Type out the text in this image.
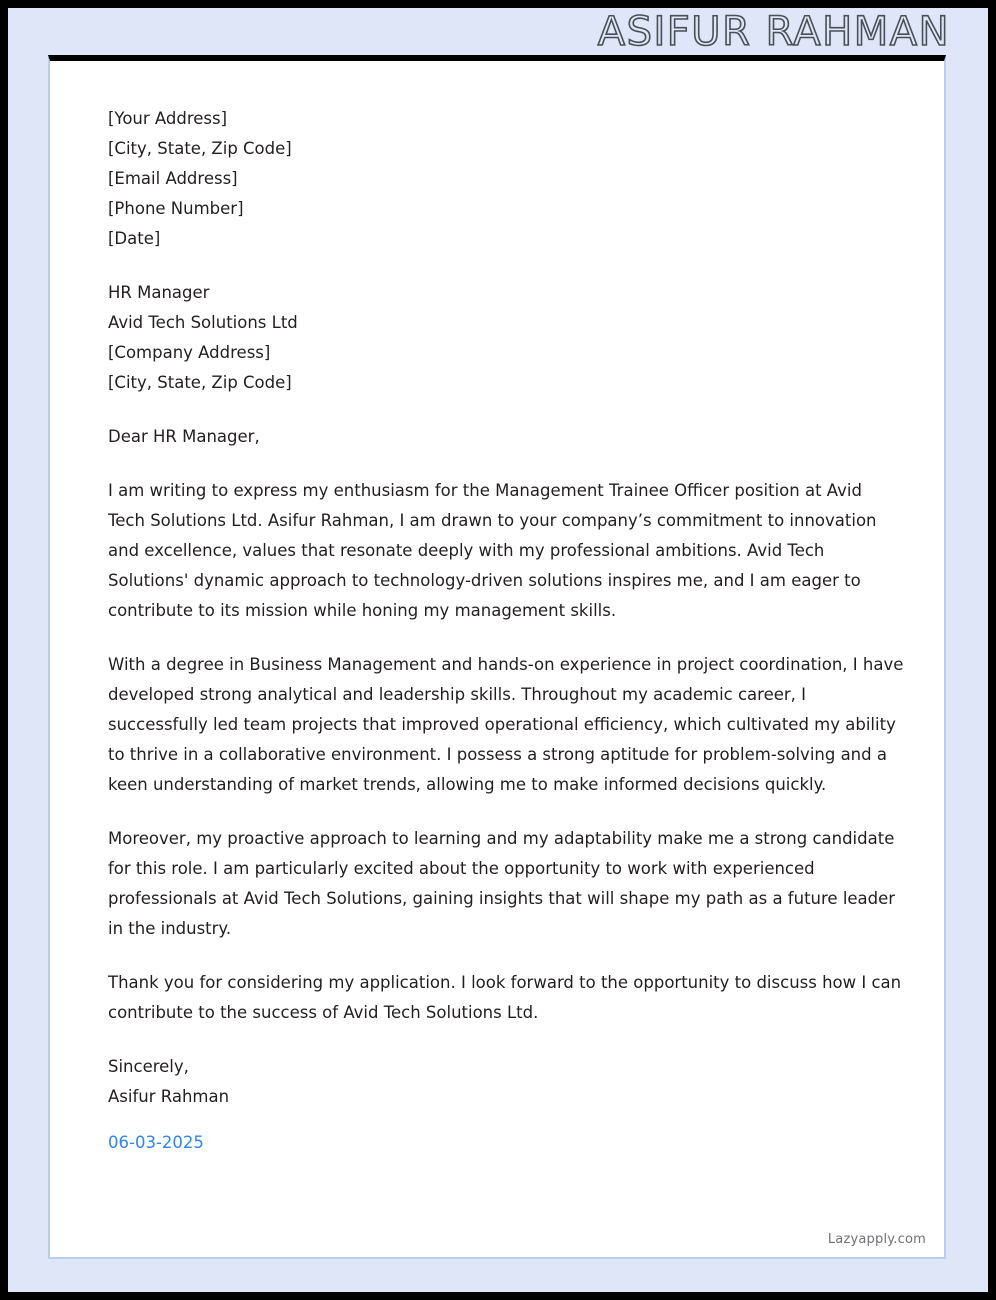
ASIFUR RAHMAN

[Your Address]

[City, State, Zip Code]

[Email Address]

[Phone Number]

[Date]

HR Manager

Avid Tech Solutions Ltd

[Company Address]

[City, State, Zip Code]

Dear HR Manager,

I am writing to express my enthusiasm for the Management Trainee Officer position at Avid Tech Solutions Ltd. Asifur Rahman, I am drawn to your company’s commitment to innovation and excellence, values that resonate deeply with my professional ambitions. Avid Tech Solutions' dynamic approach to technology-driven solutions inspires me, and I am eager to contribute to its mission while honing my management skills.

With a degree in Business Management and hands-on experience in project coordination, I have developed strong analytical and leadership skills. Throughout my academic career, I successfully led team projects that improved operational efficiency, which cultivated my ability to thrive in a collaborative environment. I possess a strong aptitude for problem-solving and a keen understanding of market trends, allowing me to make informed decisions quickly.

Moreover, my proactive approach to learning and my adaptability make me a strong candidate for this role. I am particularly excited about the opportunity to work with experienced professionals at Avid Tech Solutions, gaining insights that will shape my path as a future leader in the industry.

Thank you for considering my application. I look forward to the opportunity to discuss how I can contribute to the success of Avid Tech Solutions Ltd.

Sincerely,

Asifur Rahman

06-03-2025

Lazyapply.com
